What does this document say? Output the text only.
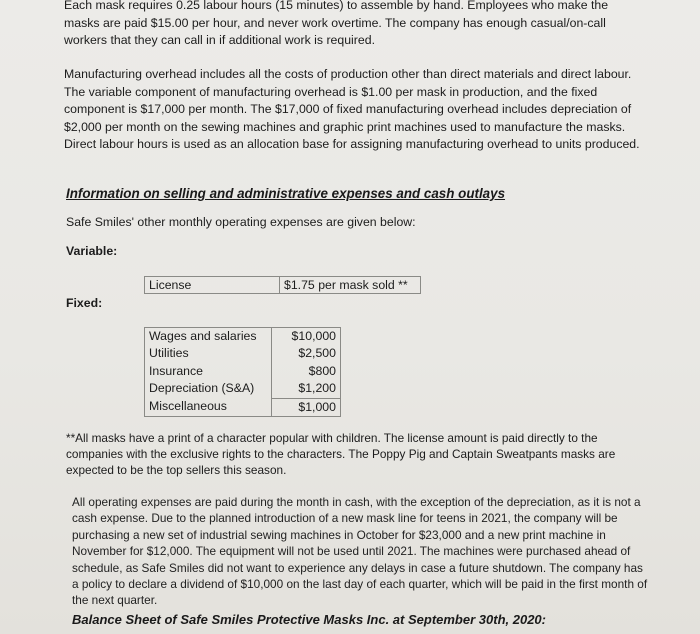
Each mask requires 0.25 labour hours (15 minutes) to assemble by hand. Employees who make the masks are paid $15.00 per hour, and never work overtime. The company has enough casual/on-call workers that they can call in if additional work is required.

Manufacturing overhead includes all the costs of production other than direct materials and direct labour. The variable component of manufacturing overhead is $1.00 per mask in production, and the fixed component is $17,000 per month. The $17,000 of fixed manufacturing overhead includes depreciation of $2,000 per month on the sewing machines and graphic print machines used to manufacture the masks. Direct labour hours is used as an allocation base for assigning manufacturing overhead to units produced.

Information on selling and administrative expenses and cash outlays

Safe Smiles' other monthly operating expenses are given below:

Variable:

License	$1.75 per mask sold **

Fixed:

Wages and salaries	$10,000
Utilities	$2,500
Insurance	$800
Depreciation (S&A)	$1,200
Miscellaneous	$1,000

**All masks have a print of a character popular with children. The license amount is paid directly to the companies with the exclusive rights to the characters. The Poppy Pig and Captain Sweatpants masks are expected to be the top sellers this season.

All operating expenses are paid during the month in cash, with the exception of the depreciation, as it is not a cash expense. Due to the planned introduction of a new mask line for teens in 2021, the company will be purchasing a new set of industrial sewing machines in October for $23,000 and a new print machine in November for $12,000. The equipment will not be used until 2021. The machines were purchased ahead of schedule, as Safe Smiles did not want to experience any delays in case a future shutdown. The company has a policy to declare a dividend of $10,000 on the last day of each quarter, which will be paid in the first month of the next quarter.

Balance Sheet of Safe Smiles Protective Masks Inc. at September 30th, 2020:
